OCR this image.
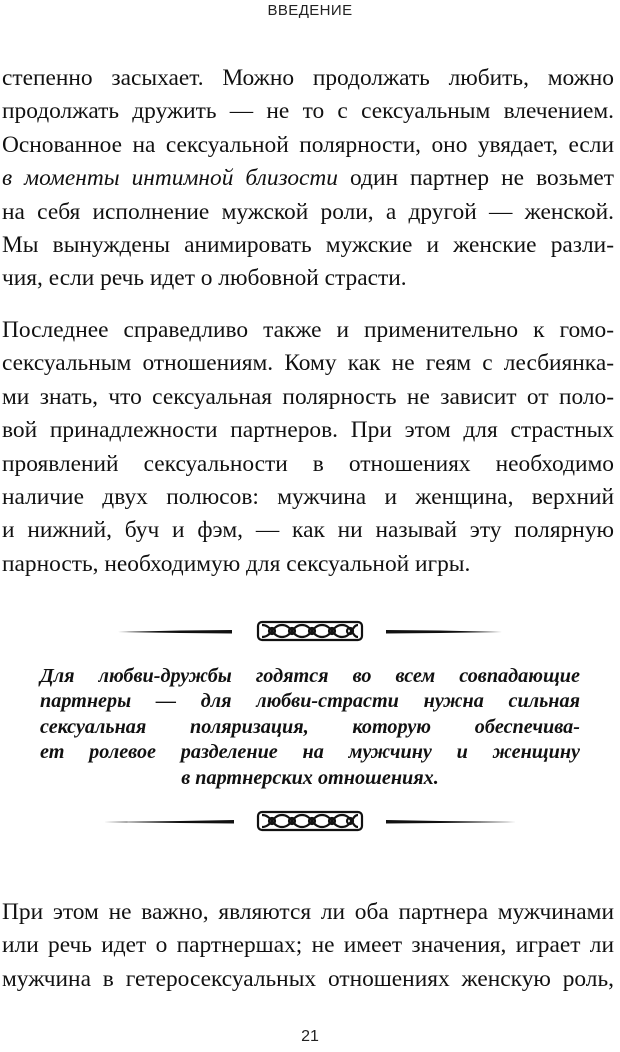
ВВЕДЕНИЕ
степенно засыхает. Можно продолжать любить, можно
продолжать дружить — не то с сексуальным влечением.
Основанное на сексуальной полярности, оно увядает, если
в моменты интимной близости один партнер не возьмет
на себя исполнение мужской роли, а другой — женской.
Мы вынуждены анимировать мужские и женские разли-
чия, если речь идет о любовной страсти.
Последнее справедливо также и применительно к гомо-
сексуальным отношениям. Кому как не геям с лесбиянка-
ми знать, что сексуальная полярность не зависит от поло-
вой принадлежности партнеров. При этом для страстных
проявлений сексуальности в отношениях необходимо
наличие двух полюсов: мужчина и женщина, верхний
и нижний, буч и фэм, — как ни называй эту полярную
парность, необходимую для сексуальной игры.
Для любви-дружбы годятся во всем совпадающие
партнеры — для любви-страсти нужна сильная
сексуальная поляризация, которую обеспечива-
ет ролевое разделение на мужчину и женщину
в партнерских отношениях.
При этом не важно, являются ли оба партнера мужчинами
или речь идет о партнершах; не имеет значения, играет ли
мужчина в гетеросексуальных отношениях женскую роль,
21
